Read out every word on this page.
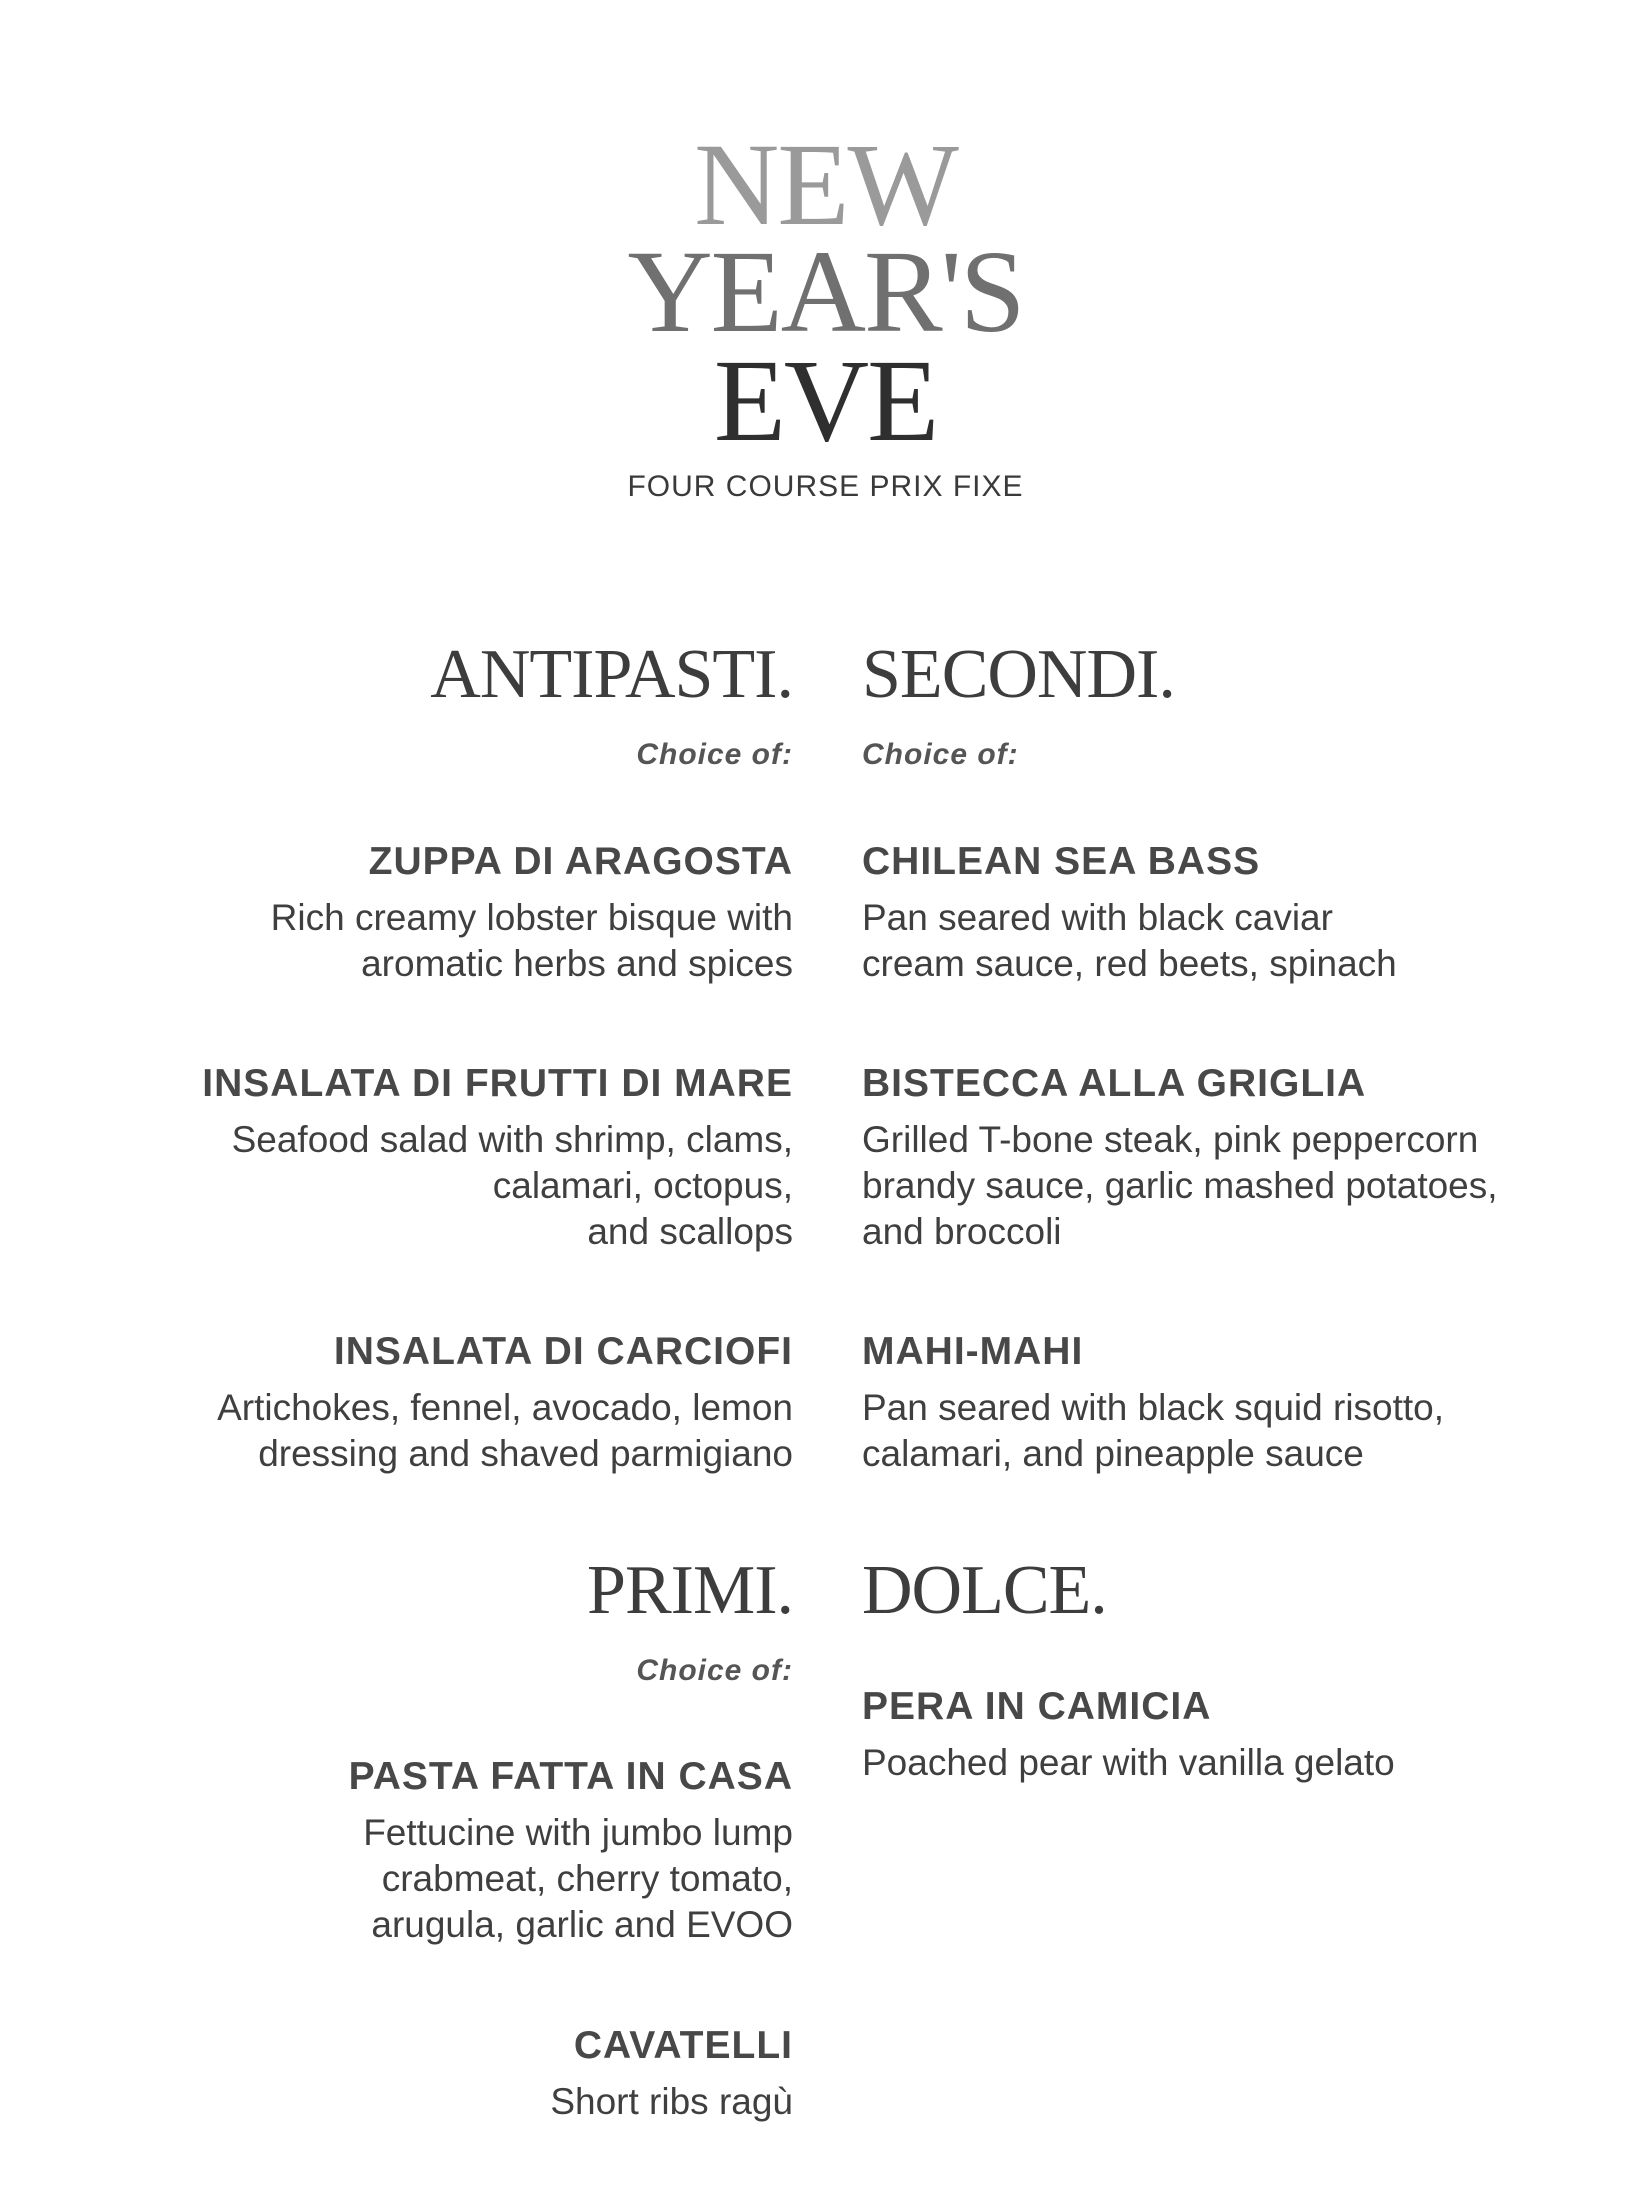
NEW
YEAR'S
EVE
FOUR COURSE PRIX FIXE
ANTIPASTI.
Choice of:
ZUPPA DI ARAGOSTA
Rich creamy lobster bisque with
aromatic herbs and spices
INSALATA DI FRUTTI DI MARE
Seafood salad with shrimp, clams,
calamari, octopus,
and scallops
INSALATA DI CARCIOFI
Artichokes, fennel, avocado, lemon
dressing and shaved parmigiano
PRIMI.
Choice of:
PASTA FATTA IN CASA
Fettucine with jumbo lump
crabmeat, cherry tomato,
arugula, garlic and EVOO
CAVATELLI
Short ribs ragù
SECONDI.
Choice of:
CHILEAN SEA BASS
Pan seared with black caviar
cream sauce, red beets, spinach
BISTECCA ALLA GRIGLIA
Grilled T-bone steak, pink peppercorn
brandy sauce, garlic mashed potatoes,
and broccoli
MAHI-MAHI
Pan seared with black squid risotto,
calamari, and pineapple sauce
DOLCE.
PERA IN CAMICIA
Poached pear with vanilla gelato
